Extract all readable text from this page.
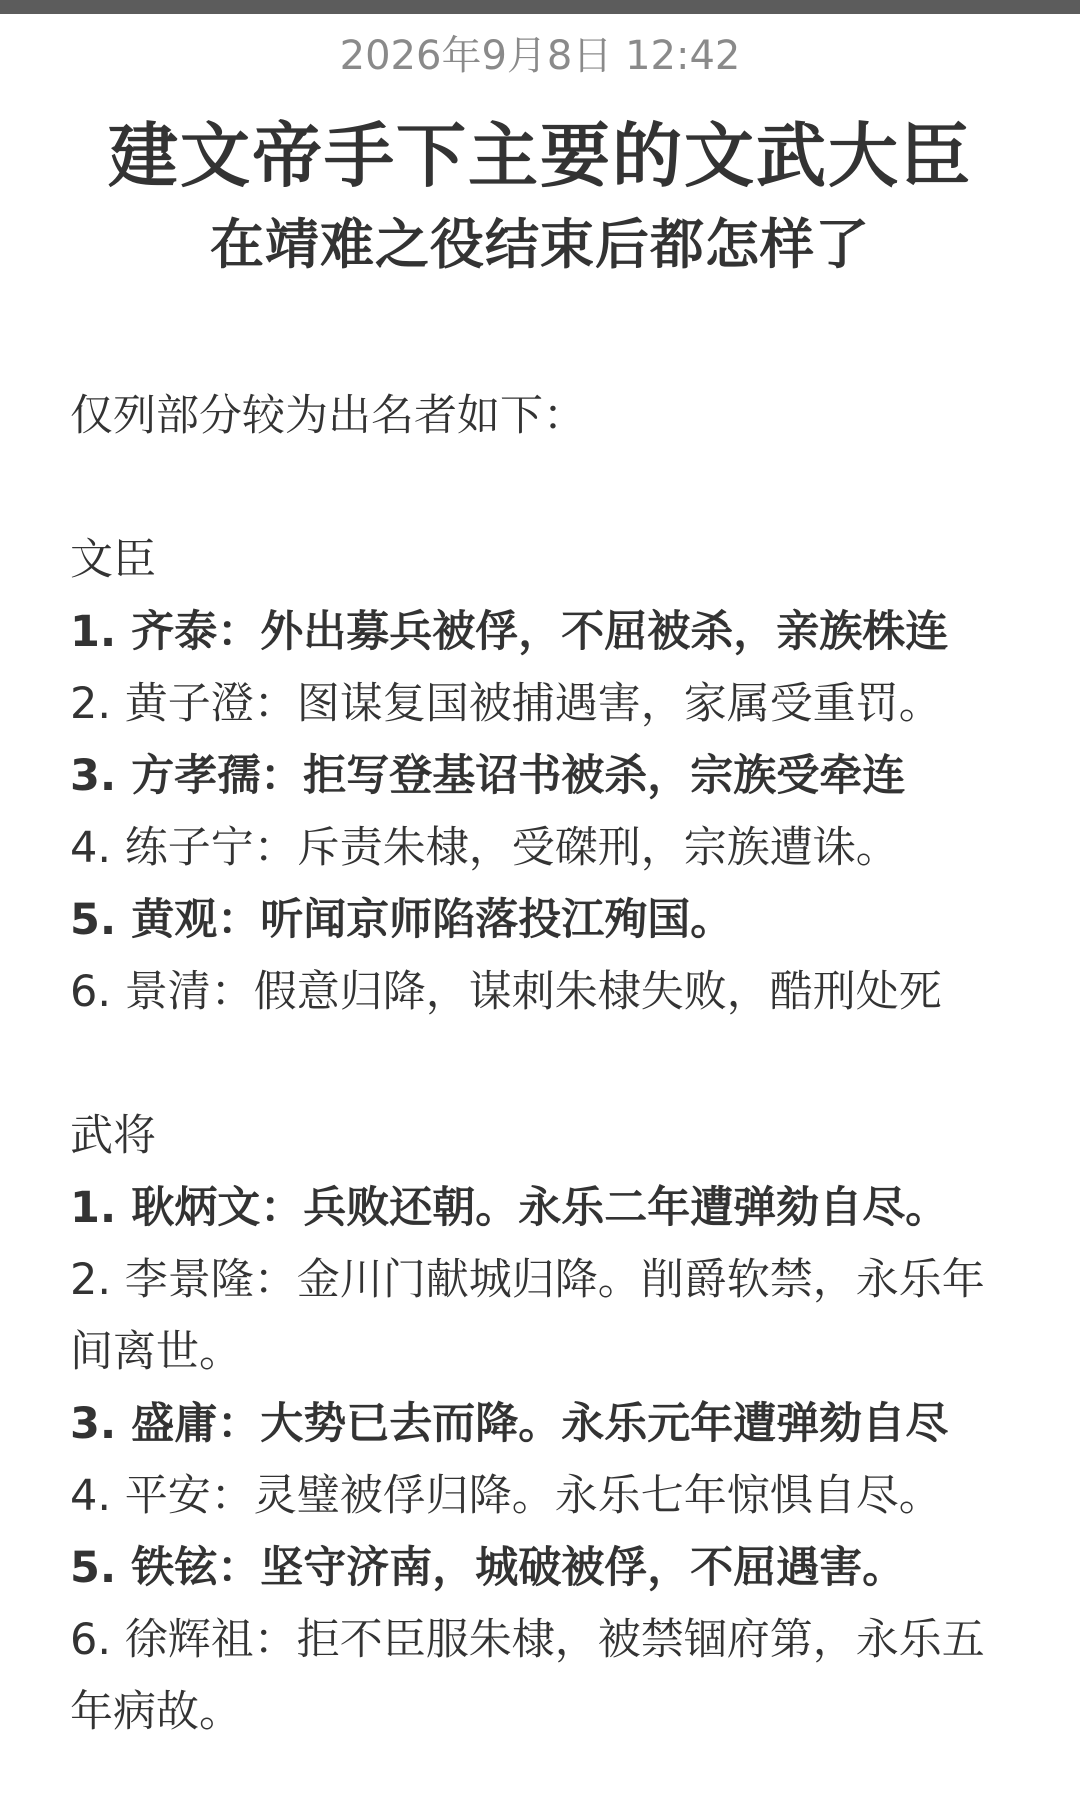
2026年9月8日 12:42
建文帝手下主要的文武大臣
在靖难之役结束后都怎样了

仅列部分较为出名者如下：

文臣

1. 齐泰：外出募兵被俘，不屈被杀，亲族株连
2. 黄子澄：图谋复国被捕遇害，家属受重罚。
3. 方孝孺：拒写登基诏书被杀，宗族受牵连
4. 练子宁：斥责朱棣，受磔刑，宗族遭诛。
5. 黄观：听闻京师陷落投江殉国。
6. 景清：假意归降，谋刺朱棣失败，酷刑处死

武将

1. 耿炳文：兵败还朝。永乐二年遭弹劾自尽。
2. 李景隆：金川门献城归降。削爵软禁，永乐年间离世。
3. 盛庸：大势已去而降。永乐元年遭弹劾自尽
4. 平安：灵璧被俘归降。永乐七年惊惧自尽。
5. 铁铉：坚守济南，城破被俘，不屈遇害。
6. 徐辉祖：拒不臣服朱棣，被禁锢府第，永乐五年病故。
